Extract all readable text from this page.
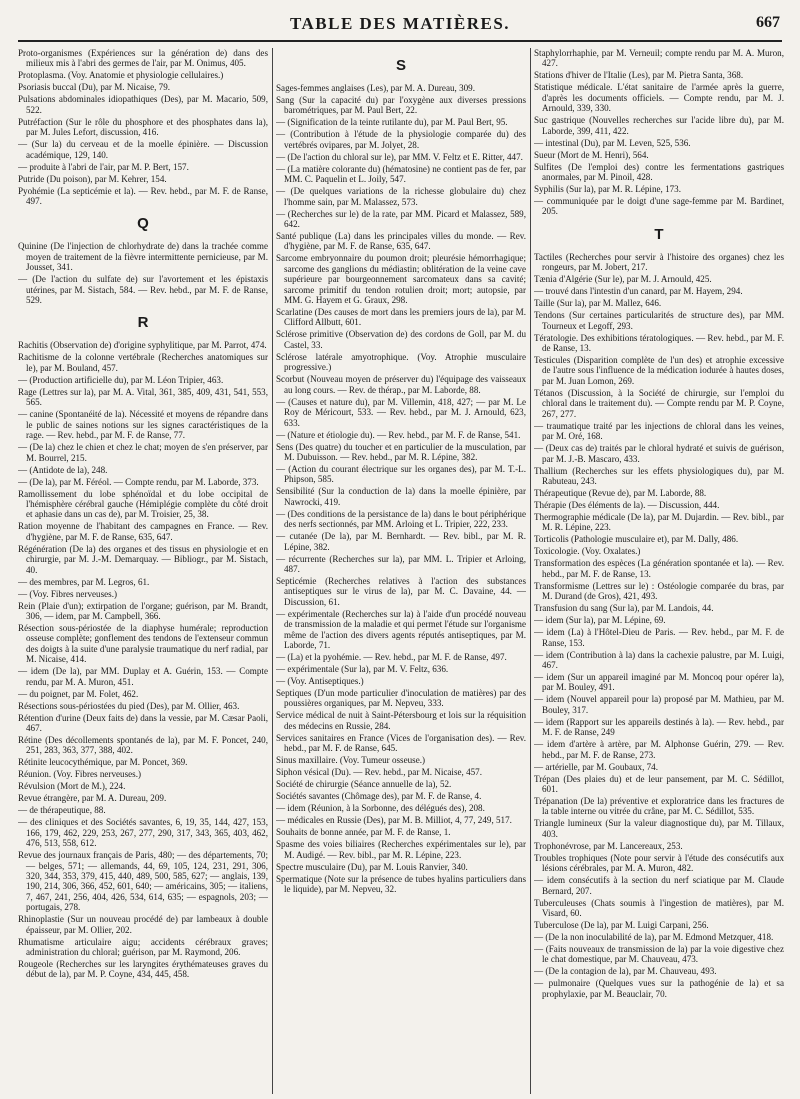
TABLE DES MATIÈRES.	667
Proto-organismes (Expériences sur la génération de) dans des milieux mis à l'abri des germes de l'air, par M. Onimus, 405.
Protoplasma. (Voy. Anatomie et physiologie cellulaires.)
Psoriasis buccal (Du), par M. Nicaise, 79.
Pulsations abdominales idiopathiques (Des), par M. Macario, 509, 522.
Putréfaction (Sur le rôle du phosphore et des phosphates dans la), par M. Jules Lefort, discussion, 416.
— (Sur la) du cerveau et de la moelle épinière. — Discussion académique, 129, 140.
— produite à l'abri de l'air, par M. P. Bert, 157.
Putride (Du poison), par M. Kehrer, 154.
Pyohémie (La septicémie et la). — Rev. hebd., par M. F. de Ranse, 497.
Q
Quinine (De l'injection de chlorhydrate de) dans la trachée comme moyen de traitement de la fièvre intermittente pernicieuse, par M. Jousset, 341.
— (De l'action du sulfate de) sur l'avortement et les épistaxis utérines, par M. Sistach, 584. — Rev. hebd., par M. F. de Ranse, 529.
R
Rachitis (Observation de) d'origine syphylitique, par M. Parrot, 474.
Rachitisme de la colonne vertébrale (Recherches anatomiques sur le), par M. Bouland, 457.
— (Production artificielle du), par M. Léon Tripier, 463.
Rage (Lettres sur la), par M. A. Vital, 361, 385, 409, 431, 541, 553, 565.
— canine (Spontanéité de la). Nécessité et moyens de répandre dans le public de saines notions sur les signes caractéristiques de la rage. — Rev. hebd., par M. F. de Ranse, 77.
— (De la) chez le chien et chez le chat; moyen de s'en préserver, par M. Bourrel, 215.
— (Antidote de la), 248.
— (De la), par M. Féréol. — Compte rendu, par M. Laborde, 373.
Ramollissement du lobe sphénoïdal et du lobe occipital de l'hémisphère cérébral gauche (Hémiplégie complète du côté droit et aphasie dans un cas de), par M. Troisier, 25, 38.
Ration moyenne de l'habitant des campagnes en France. — Rev. d'hygiène, par M. F. de Ranse, 635, 647.
Régénération (De la) des organes et des tissus en physiologie et en chirurgie, par M. J.-M. Demarquay. — Bibliogr., par M. Sistach, 40.
— des membres, par M. Legros, 61.
— (Voy. Fibres nerveuses.)
Rein (Plaie d'un); extirpation de l'organe; guérison, par M. Brandt, 306, — idem, par M. Campbell, 366.
Résection sous-périostée de la diaphyse humérale; reproduction osseuse complète; gonflement des tendons de l'extenseur commun des doigts à la suite d'une paralysie traumatique du nerf radial, par M. Nicaise, 414.
— idem (De la), par MM. Duplay et A. Guérin, 153. — Compte rendu, par M. A. Muron, 451.
— du poignet, par M. Folet, 462.
Résections sous-périostées du pied (Des), par M. Ollier, 463.
Rétention d'urine (Deux faits de) dans la vessie, par M. Cæsar Paoli, 467.
Rétine (Des décollements spontanés de la), par M. F. Poncet, 240, 251, 283, 363, 377, 388, 402.
Rétinite leucocythémique, par M. Poncet, 369.
Réunion. (Voy. Fibres nerveuses.)
Révulsion (Mort de M.), 224.
Revue étrangère, par M. A. Dureau, 209.
— de thérapeutique, 88.
— des cliniques et des Sociétés savantes, 6, 19, 35, 144, 427, 153, 166, 179, 462, 229, 253, 267, 277, 290, 317, 343, 365, 403, 462, 476, 513, 558, 612.
Revue des journaux français de Paris, 480; — des départements, 70; — belges, 571; — allemands, 44, 69, 105, 124, 231, 291, 306, 320, 344, 353, 379, 415, 440, 489, 500, 585, 627; — anglais, 139, 190, 214, 306, 366, 452, 601, 640; — américains, 305; — italiens, 7, 467, 241, 256, 404, 426, 534, 614, 635; — espagnols, 203; — portugais, 278.
Rhinoplastie (Sur un nouveau procédé de) par lambeaux à double épaisseur, par M. Ollier, 202.
Rhumatisme articulaire aigu; accidents cérébraux graves; administration du chloral; guérison, par M. Raymond, 206.
Rougeole (Recherches sur les laryngites érythémateuses graves du début de la), par M. P. Coyne, 434, 445, 458.
S
Sages-femmes anglaises (Les), par M. A. Dureau, 309.
Sang (Sur la capacité du) par l'oxygène aux diverses pressions barométriques, par M. Paul Bert, 22.
— (Signification de la teinte rutilante du), par M. Paul Bert, 95.
— (Contribution à l'étude de la physiologie comparée du) des vertébrés ovipares, par M. Jolyet, 28.
— (De l'action du chloral sur le), par MM. V. Feltz et E. Ritter, 447.
— (La matière colorante du) (hématosine) ne contient pas de fer, par MM. C. Paquelin et L. Joily, 547.
— (De quelques variations de la richesse globulaire du) chez l'homme sain, par M. Malassez, 573.
— (Recherches sur le) de la rate, par MM. Picard et Malassez, 589, 642.
Santé publique (La) dans les principales villes du monde. — Rev. d'hygiène, par M. F. de Ranse, 635, 647.
Sarcome embryonnaire du poumon droit; pleurésie hémorrhagique; sarcome des ganglions du médiastin; oblitération de la veine cave supérieure par bourgeonnement sarcomateux dans sa cavité; sarcome primitif du tendon rotulien droit; mort; autopsie, par MM. G. Hayem et G. Graux, 298.
Scarlatine (Des causes de mort dans les premiers jours de la), par M. Clifford Allbutt, 601.
Sclérose primitive (Observation de) des cordons de Goll, par M. du Castel, 33.
Sclérose latérale amyotrophique. (Voy. Atrophie musculaire progressive.)
Scorbut (Nouveau moyen de préserver du) l'équipage des vaisseaux au long cours. — Rev. de thérap., par M. Laborde, 88.
— (Causes et nature du), par M. Villemin, 418, 427; — par M. Le Roy de Méricourt, 533. — Rev. hebd., par M. J. Arnould, 623, 633.
— (Nature et étiologie du). — Rev. hebd., par M. F. de Ranse, 541.
Sens (Des quatre) du toucher et en particulier de la musculation, par M. Dubuisson. — Rev. hebd., par M. R. Lépine, 382.
— (Action du courant électrique sur les organes des), par M. T.-L. Phipson, 585.
Sensibilité (Sur la conduction de la) dans la moelle épinière, par Nawrocki, 419.
— (Des conditions de la persistance de la) dans le bout périphérique des nerfs sectionnés, par MM. Arloing et L. Tripier, 222, 233.
— cutanée (De la), par M. Bernhardt. — Rev. bibl., par M. R. Lépine, 382.
— récurrente (Recherches sur la), par MM. L. Tripier et Arloing, 487.
Septicémie (Recherches relatives à l'action des substances antiseptiques sur le virus de la), par M. C. Davaine, 44. — Discussion, 61.
— expérimentale (Recherches sur la) à l'aide d'un procédé nouveau de transmission de la maladie et qui permet l'étude sur l'organisme même de l'action des divers agents réputés antiseptiques, par M. Laborde, 71.
— (La) et la pyohémie. — Rev. hebd., par M. F. de Ranse, 497.
— expérimentale (Sur la), par M. V. Feltz, 636.
— (Voy. Antiseptiques.)
Septiques (D'un mode particulier d'inoculation de matières) par des poussières organiques, par M. Nepveu, 333.
Service médical de nuit à Saint-Pétersbourg et lois sur la réquisition des médecins en Russie, 284.
Services sanitaires en France (Vices de l'organisation des). — Rev. hebd., par M. F. de Ranse, 645.
Sinus maxillaire. (Voy. Tumeur osseuse.)
Siphon vésical (Du). — Rev. hebd., par M. Nicaise, 457.
Société de chirurgie (Séance annuelle de la), 52.
Sociétés savantes (Chômage des), par M. F. de Ranse, 4.
— idem (Réunion, à la Sorbonne, des délégués des), 208.
— médicales en Russie (Des), par M. B. Milliot, 4, 77, 249, 517.
Souhaits de bonne année, par M. F. de Ranse, 1.
Spasme des voies biliaires (Recherches expérimentales sur le), par M. Audigé. — Rev. bibl., par M. R. Lépine, 223.
Spectre musculaire (Du), par M. Louis Ranvier, 340.
Spermatique (Note sur la présence de tubes hyalins particuliers dans le liquide), par M. Nepveu, 32.
Staphylorrhaphie, par M. Verneuil; compte rendu par M. A. Muron, 427.
Stations d'hiver de l'Italie (Les), par M. Pietra Santa, 368.
Statistique médicale. L'état sanitaire de l'armée après la guerre, d'après les documents officiels. — Compte rendu, par M. J. Arnould, 339, 330.
Suc gastrique (Nouvelles recherches sur l'acide libre du), par M. Laborde, 399, 411, 422.
— intestinal (Du), par M. Leven, 525, 536.
Sueur (Mort de M. Henri), 564.
Sulfites (De l'emploi des) contre les fermentations gastriques anormales, par M. Pinoil, 428.
Syphilis (Sur la), par M. R. Lépine, 173.
— communiquée par le doigt d'une sage-femme par M. Bardinet, 205.
T
Tactiles (Recherches pour servir à l'histoire des organes) chez les rongeurs, par M. Jobert, 217.
Tænia d'Algérie (Sur le), par M. J. Arnould, 425.
— trouvé dans l'intestin d'un canard, par M. Hayem, 294.
Taille (Sur la), par M. Mallez, 646.
Tendons (Sur certaines particularités de structure des), par MM. Tourneux et Legoff, 293.
Tératologie. Des exhibitions tératologiques. — Rev. hebd., par M. F. de Ranse, 13.
Testicules (Disparition complète de l'un des) et atrophie excessive de l'autre sous l'influence de la médication iodurée à hautes doses, par M. Juan Lomon, 269.
Tétanos (Discussion, à la Société de chirurgie, sur l'emploi du chloral dans le traitement du). — Compte rendu par M. P. Coyne, 267, 277.
— traumatique traité par les injections de chloral dans les veines, par M. Oré, 168.
— (Deux cas de) traités par le chloral hydraté et suivis de guérison, par M. J.-B. Mascaro, 433.
Thallium (Recherches sur les effets physiologiques du), par M. Rabuteau, 243.
Thérapeutique (Revue de), par M. Laborde, 88.
Thérapie (Des éléments de la). — Discussion, 444.
Thermographie médicale (De la), par M. Dujardin. — Rev. bibl., par M. R. Lépine, 223.
Torticolis (Pathologie musculaire et), par M. Dally, 486.
Toxicologie. (Voy. Oxalates.)
Transformation des espèces (La génération spontanée et la). — Rev. hebd., par M. F. de Ranse, 13.
Transformisme (Lettres sur le) : Ostéologie comparée du bras, par M. Durand (de Gros), 421, 493.
Transfusion du sang (Sur la), par M. Landois, 44.
— idem (Sur la), par M. Lépine, 69.
— idem (La) à l'Hôtel-Dieu de Paris. — Rev. hebd., par M. F. de Ranse, 153.
— idem (Contribution à la) dans la cachexie palustre, par M. Luigi, 467.
— idem (Sur un appareil imaginé par M. Moncoq pour opérer la), par M. Bouley, 491.
— idem (Nouvel appareil pour la) proposé par M. Mathieu, par M. Bouley, 317.
— idem (Rapport sur les appareils destinés à la). — Rev. hebd., par M. F. de Ranse, 249
— idem d'artère à artère, par M. Alphonse Guérin, 279. — Rev. hebd., par M. F. de Ranse, 273.
— artérielle, par M. Goubaux, 74.
Trépan (Des plaies du) et de leur pansement, par M. C. Sédillot, 601.
Trépanation (De la) préventive et exploratrice dans les fractures de la table interne ou vitrée du crâne, par M. C. Sédillot, 535.
Triangle lumineux (Sur la valeur diagnostique du), par M. Tillaux, 403.
Trophonévrose, par M. Lancereaux, 253.
Troubles trophiques (Note pour servir à l'étude des consécutifs aux lésions cérébrales, par M. A. Muron, 482.
— idem consécutifs à la section du nerf sciatique par M. Claude Bernard, 207.
Tuberculeuses (Chats soumis à l'ingestion de matières), par M. Visard, 60.
Tuberculose (De la), par M. Luigi Carpani, 256.
— (De la non inoculabilité de la), par M. Edmond Metzquer, 418.
— (Faits nouveaux de transmission de la) par la voie digestive chez le chat domestique, par M. Chauveau, 473.
— (De la contagion de la), par M. Chauveau, 493.
— pulmonaire (Quelques vues sur la pathogénie de la) et sa prophylaxie, par M. Beauclair, 70.
